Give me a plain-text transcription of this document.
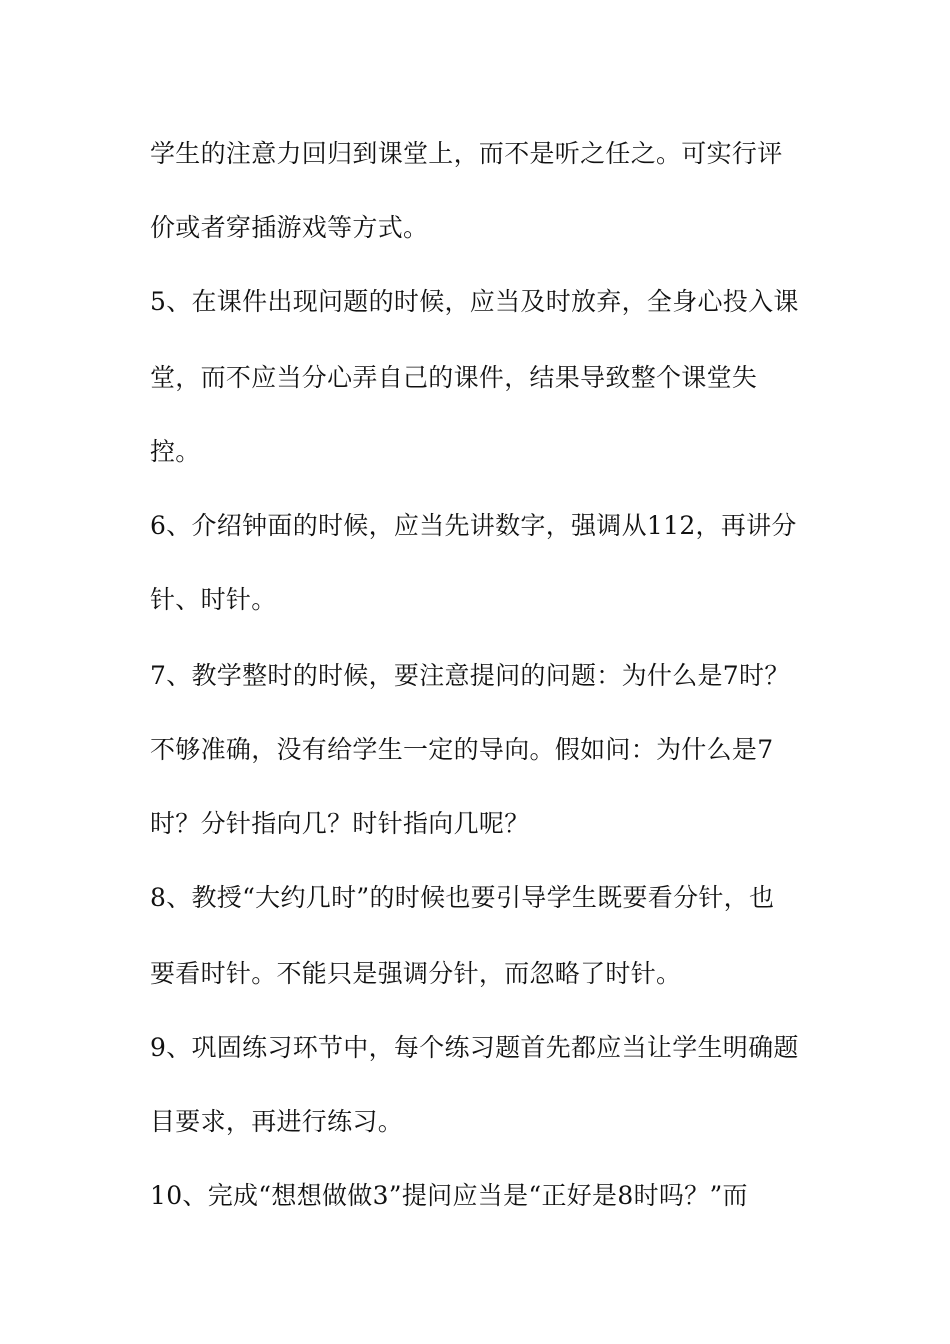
学生的注意力回归到课堂上，而不是听之任之。可实行评
价或者穿插游戏等方式。
5、在课件出现问题的时候，应当及时放弃，全身心投入课
堂，而不应当分心弄自己的课件，结果导致整个课堂失
控。
6、介绍钟面的时候，应当先讲数字，强调从112，再讲分
针、时针。
7、教学整时的时候，要注意提问的问题：为什么是7时？
不够准确，没有给学生一定的导向。假如问：为什么是7
时？分针指向几？时针指向几呢？
8、教授“大约几时”的时候也要引导学生既要看分针，也
要看时针。不能只是强调分针，而忽略了时针。
9、巩固练习环节中，每个练习题首先都应当让学生明确题
目要求，再进行练习。
10、完成“想想做做3”提问应当是“正好是8时吗？”而
